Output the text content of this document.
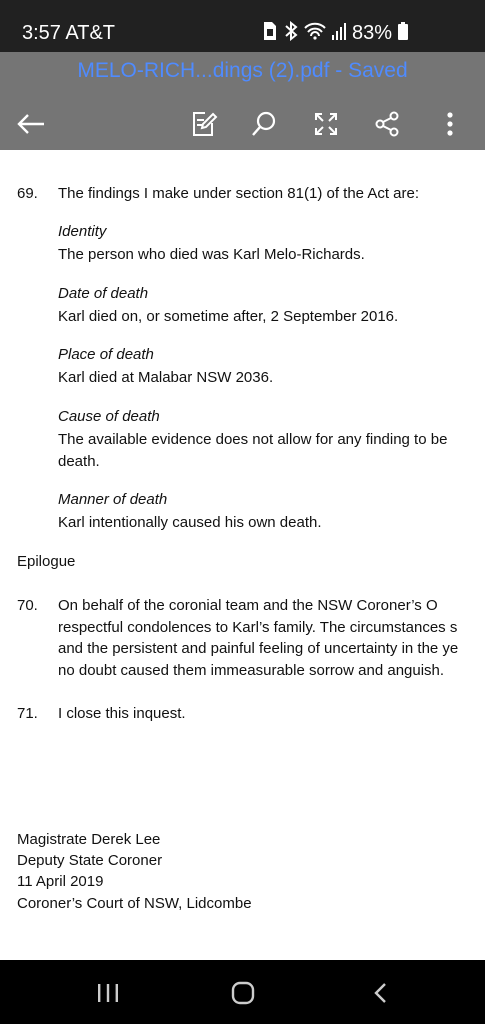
3:57 AT&T	83%
MELO-RICH...dings (2).pdf - Saved
69. The findings I make under section 81(1) of the Act are:
Identity
The person who died was Karl Melo-Richards.
Date of death
Karl died on, or sometime after, 2 September 2016.
Place of death
Karl died at Malabar NSW 2036.
Cause of death
The available evidence does not allow for any finding to be
death.
Manner of death
Karl intentionally caused his own death.
Epilogue
70. On behalf of the coronial team and the NSW Coroner’s O
respectful condolences to Karl’s family. The circumstances s
and the persistent and painful feeling of uncertainty in the ye
no doubt caused them immeasurable sorrow and anguish.
71. I close this inquest.
Magistrate Derek Lee
Deputy State Coroner
11 April 2019
Coroner’s Court of NSW, Lidcombe
